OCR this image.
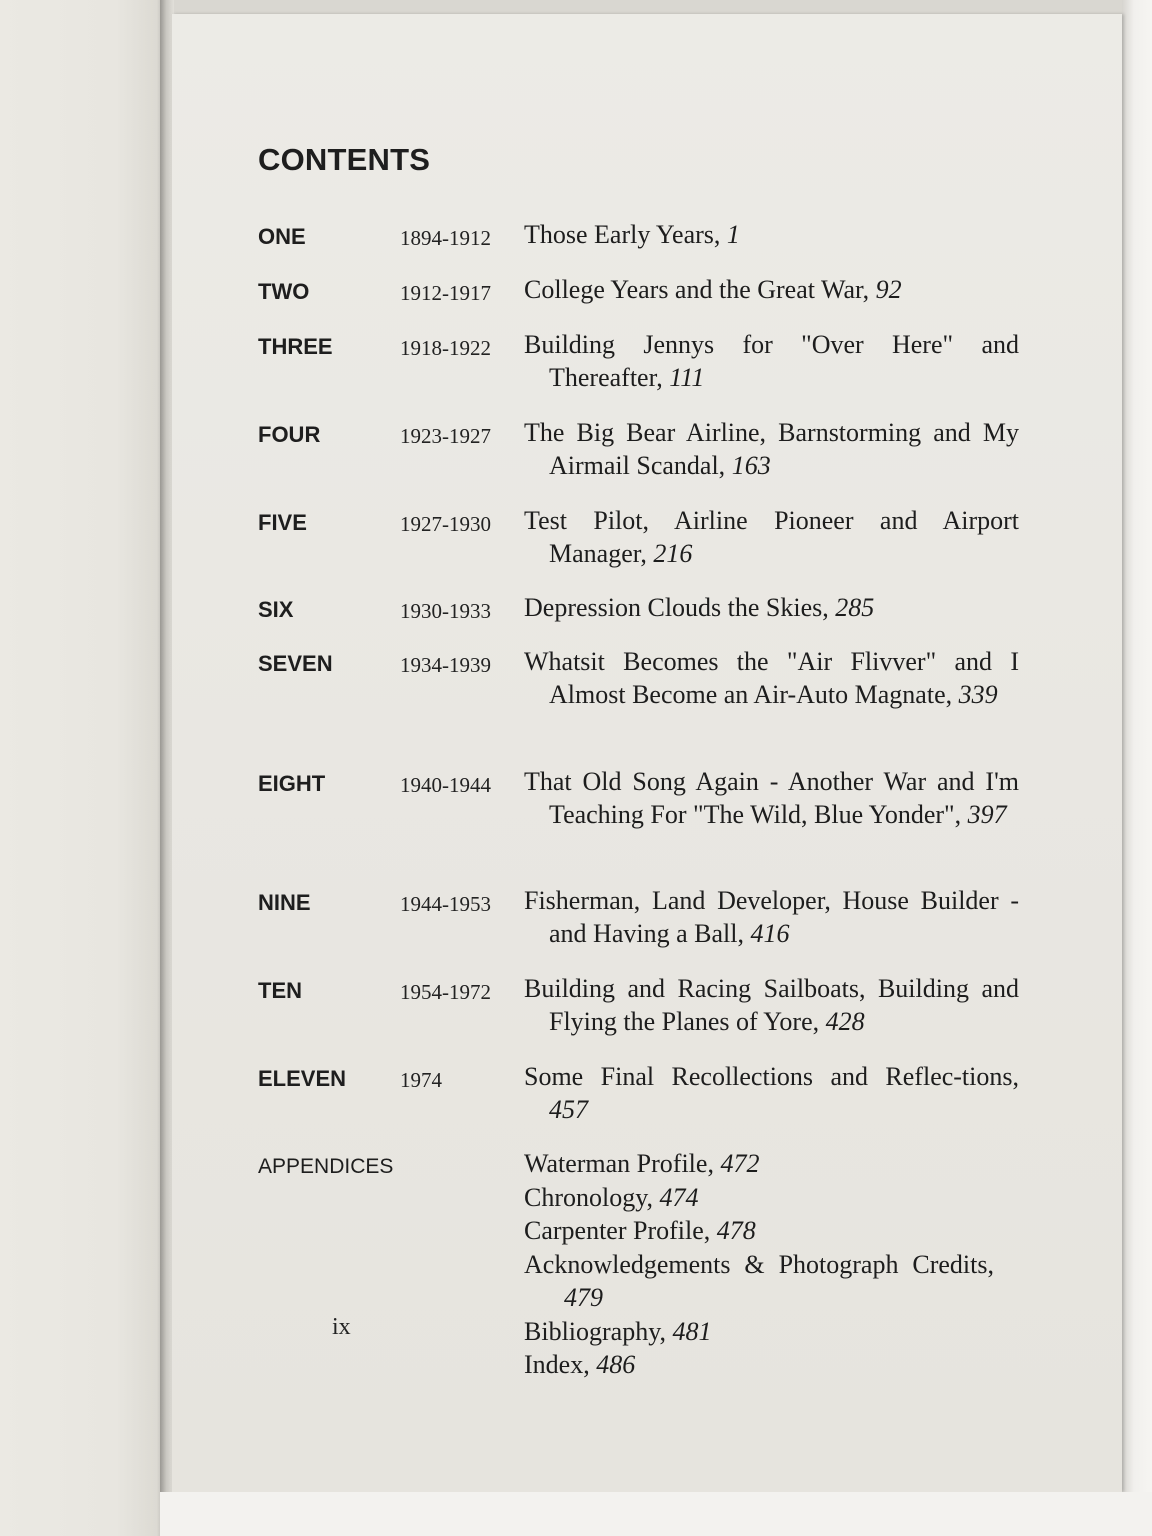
CONTENTS
ONE	1894-1912 Those Early Years, 1
TWO	1912-1917 College Years and the Great War, 92
THREE	1918-1922 Building Jennys for "Over Here" and Thereafter, 111
FOUR	1923-1927 The Big Bear Airline, Barnstorming and My Airmail Scandal, 163
FIVE	1927-1930 Test Pilot, Airline Pioneer and Airport Manager, 216
SIX	1930-1933 Depression Clouds the Skies, 285
SEVEN	1934-1939 Whatsit Becomes the "Air Flivver" and I Almost Become an Air-Auto Magnate, 339
EIGHT	1940-1944 That Old Song Again - Another War and I'm Teaching For "The Wild, Blue Yonder", 397
NINE	1944-1953 Fisherman, Land Developer, House Builder - and Having a Ball, 416
TEN	1954-1972 Building and Racing Sailboats, Building and Flying the Planes of Yore, 428
ELEVEN	1974	Some Final Recollections and Reflec-tions, 457
APPENDICES	Waterman Profile, 472
Chronology, 474
Carpenter Profile, 478
Acknowledgements & Photograph Credits, 479
Bibliography, 481
Index, 486
ix
